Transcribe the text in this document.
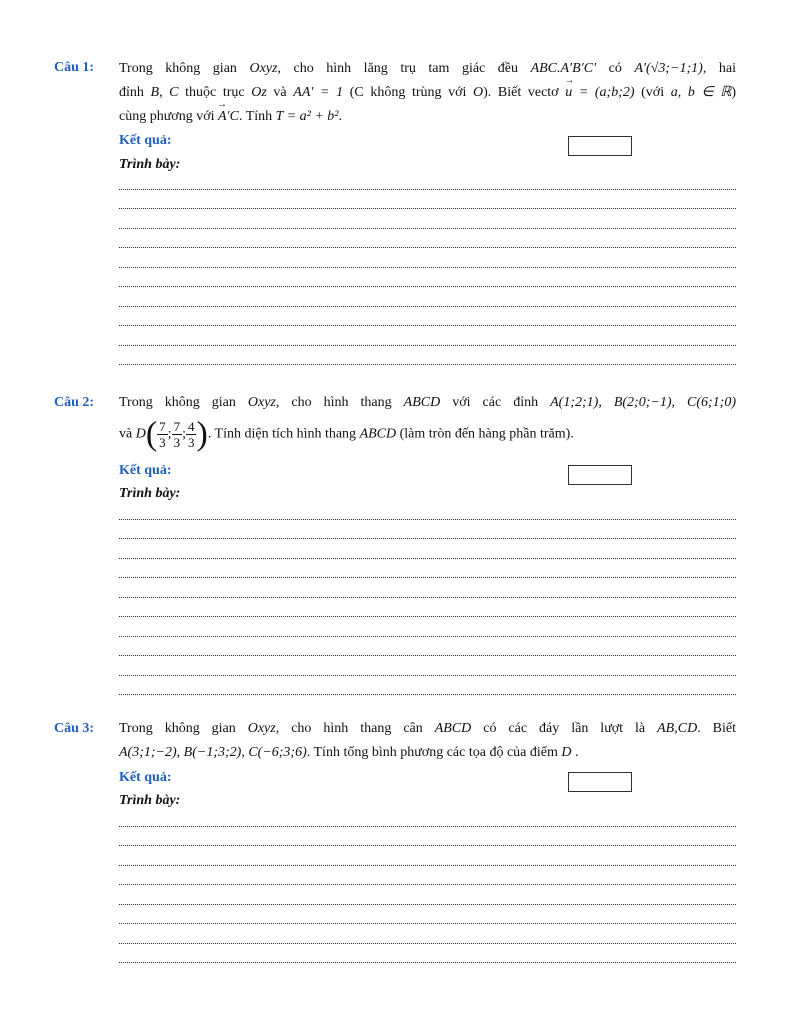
Câu 1: Trong không gian Oxyz, cho hình lăng trụ tam giác đều ABC.A′B′C′ có A′(√3;−1;1), hai

đỉnh B, C thuộc trục Oz và AA′ = 1 (C không trùng với O). Biết vectơ → u = (a;b;2) (với a, b ∈ ℝ)

cùng phương với → A′C. Tính T = a² + b².

Kết quả:
Trình bày:
Câu 2: Trong không gian Oxyz, cho hình thang ABCD với các đỉnh A(1;2;1), B(2;0;−1), C(6;1;0)

và $D( \frac{7}{3}$ ; $\frac{7}{3}$ ; $\frac{4}{3}$ ). Tính diện tích hình thang ABCD (làm tròn đến hàng phần trăm).

Kết quả:
Trình bày:
Câu 3: Trong không gian Oxyz, cho hình thang cân ABCD có các đáy lần lượt là AB,CD. Biết

A(3;1;−2), B(−1;3;2), C(−6;3;6). Tính tổng bình phương các tọa độ của điểm D .

Kết quả:
Trình bày:
